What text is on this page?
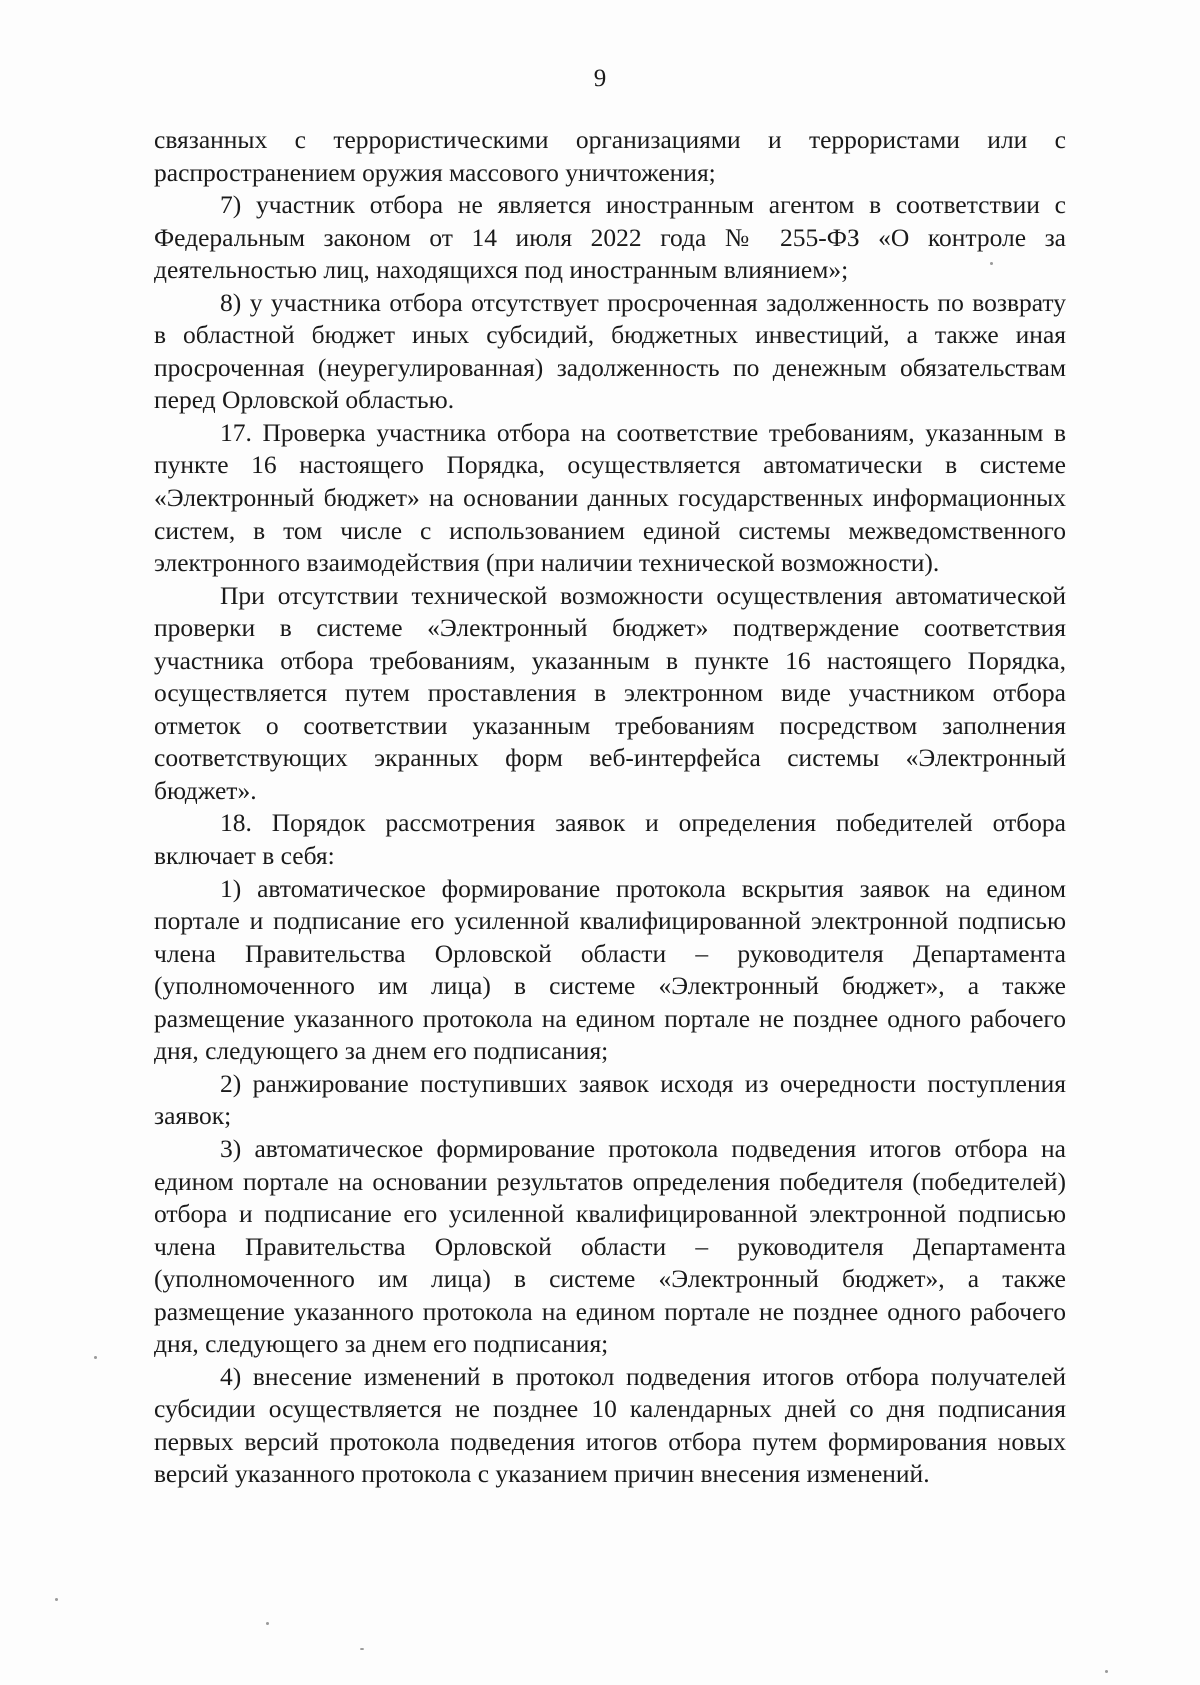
9

связанных с террористическими организациями и террористами или с распространением оружия массового уничтожения;

7) участник отбора не является иностранным агентом в соответствии с Федеральным законом от 14 июля 2022 года № 255-ФЗ «О контроле за деятельностью лиц, находящихся под иностранным влиянием»;

8) у участника отбора отсутствует просроченная задолженность по возврату в областной бюджет иных субсидий, бюджетных инвестиций, а также иная просроченная (неурегулированная) задолженность по денежным обязательствам перед Орловской областью.

17. Проверка участника отбора на соответствие требованиям, указанным в пункте 16 настоящего Порядка, осуществляется автоматически в системе «Электронный бюджет» на основании данных государственных информационных систем, в том числе с использованием единой системы межведомственного электронного взаимодействия (при наличии технической возможности).

При отсутствии технической возможности осуществления автоматической проверки в системе «Электронный бюджет» подтверждение соответствия участника отбора требованиям, указанным в пункте 16 настоящего Порядка, осуществляется путем проставления в электронном виде участником отбора отметок о соответствии указанным требованиям посредством заполнения соответствующих экранных форм веб-интерфейса системы «Электронный бюджет».

18. Порядок рассмотрения заявок и определения победителей отбора включает в себя:

1) автоматическое формирование протокола вскрытия заявок на едином портале и подписание его усиленной квалифицированной электронной подписью члена Правительства Орловской области – руководителя Департамента (уполномоченного им лица) в системе «Электронный бюджет», а также размещение указанного протокола на едином портале не позднее одного рабочего дня, следующего за днем его подписания;

2) ранжирование поступивших заявок исходя из очередности поступления заявок;

3) автоматическое формирование протокола подведения итогов отбора на едином портале на основании результатов определения победителя (победителей) отбора и подписание его усиленной квалифицированной электронной подписью члена Правительства Орловской области – руководителя Департамента (уполномоченного им лица) в системе «Электронный бюджет», а также размещение указанного протокола на едином портале не позднее одного рабочего дня, следующего за днем его подписания;

4) внесение изменений в протокол подведения итогов отбора получателей субсидии осуществляется не позднее 10 календарных дней со дня подписания первых версий протокола подведения итогов отбора путем формирования новых версий указанного протокола с указанием причин внесения изменений.
